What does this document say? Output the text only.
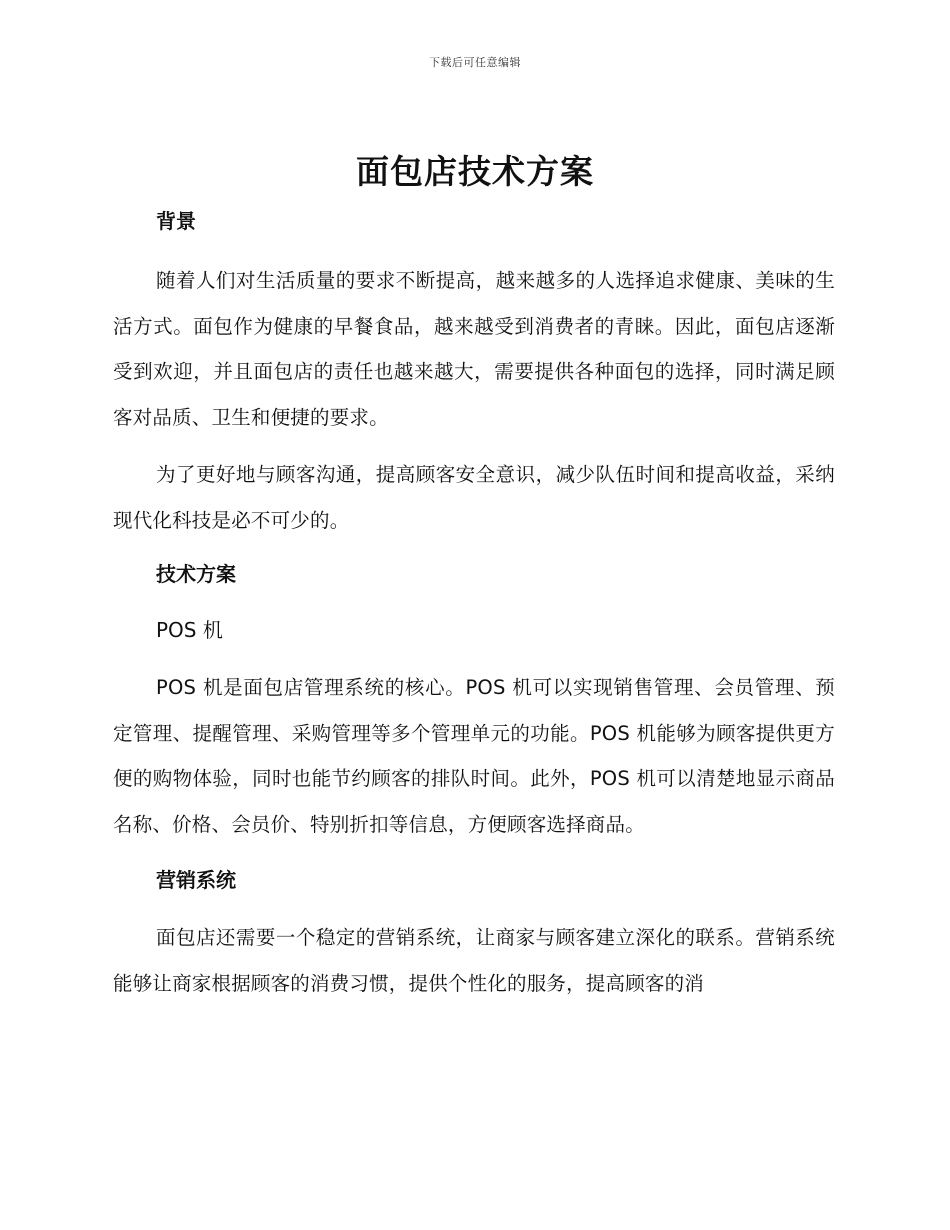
下载后可任意编辑
面包店技术方案

背景

随着人们对生活质量的要求不断提高，越来越多的人选择追求健康、美味的生活方式。面包作为健康的早餐食品，越来越受到消费者的青睐。因此，面包店逐渐受到欢迎，并且面包店的责任也越来越大，需要提供各种面包的选择，同时满足顾客对品质、卫生和便捷的要求。

为了更好地与顾客沟通，提高顾客安全意识，减少队伍时间和提高收益，采纳现代化科技是必不可少的。

技术方案

POS 机

POS 机是面包店管理系统的核心。POS 机可以实现销售管理、会员管理、预定管理、提醒管理、采购管理等多个管理单元的功能。POS 机能够为顾客提供更方便的购物体验，同时也能节约顾客的排队时间。此外，POS 机可以清楚地显示商品名称、价格、会员价、特别折扣等信息，方便顾客选择商品。

营销系统

面包店还需要一个稳定的营销系统，让商家与顾客建立深化的联系。营销系统能够让商家根据顾客的消费习惯，提供个性化的服务，提高顾客的消
